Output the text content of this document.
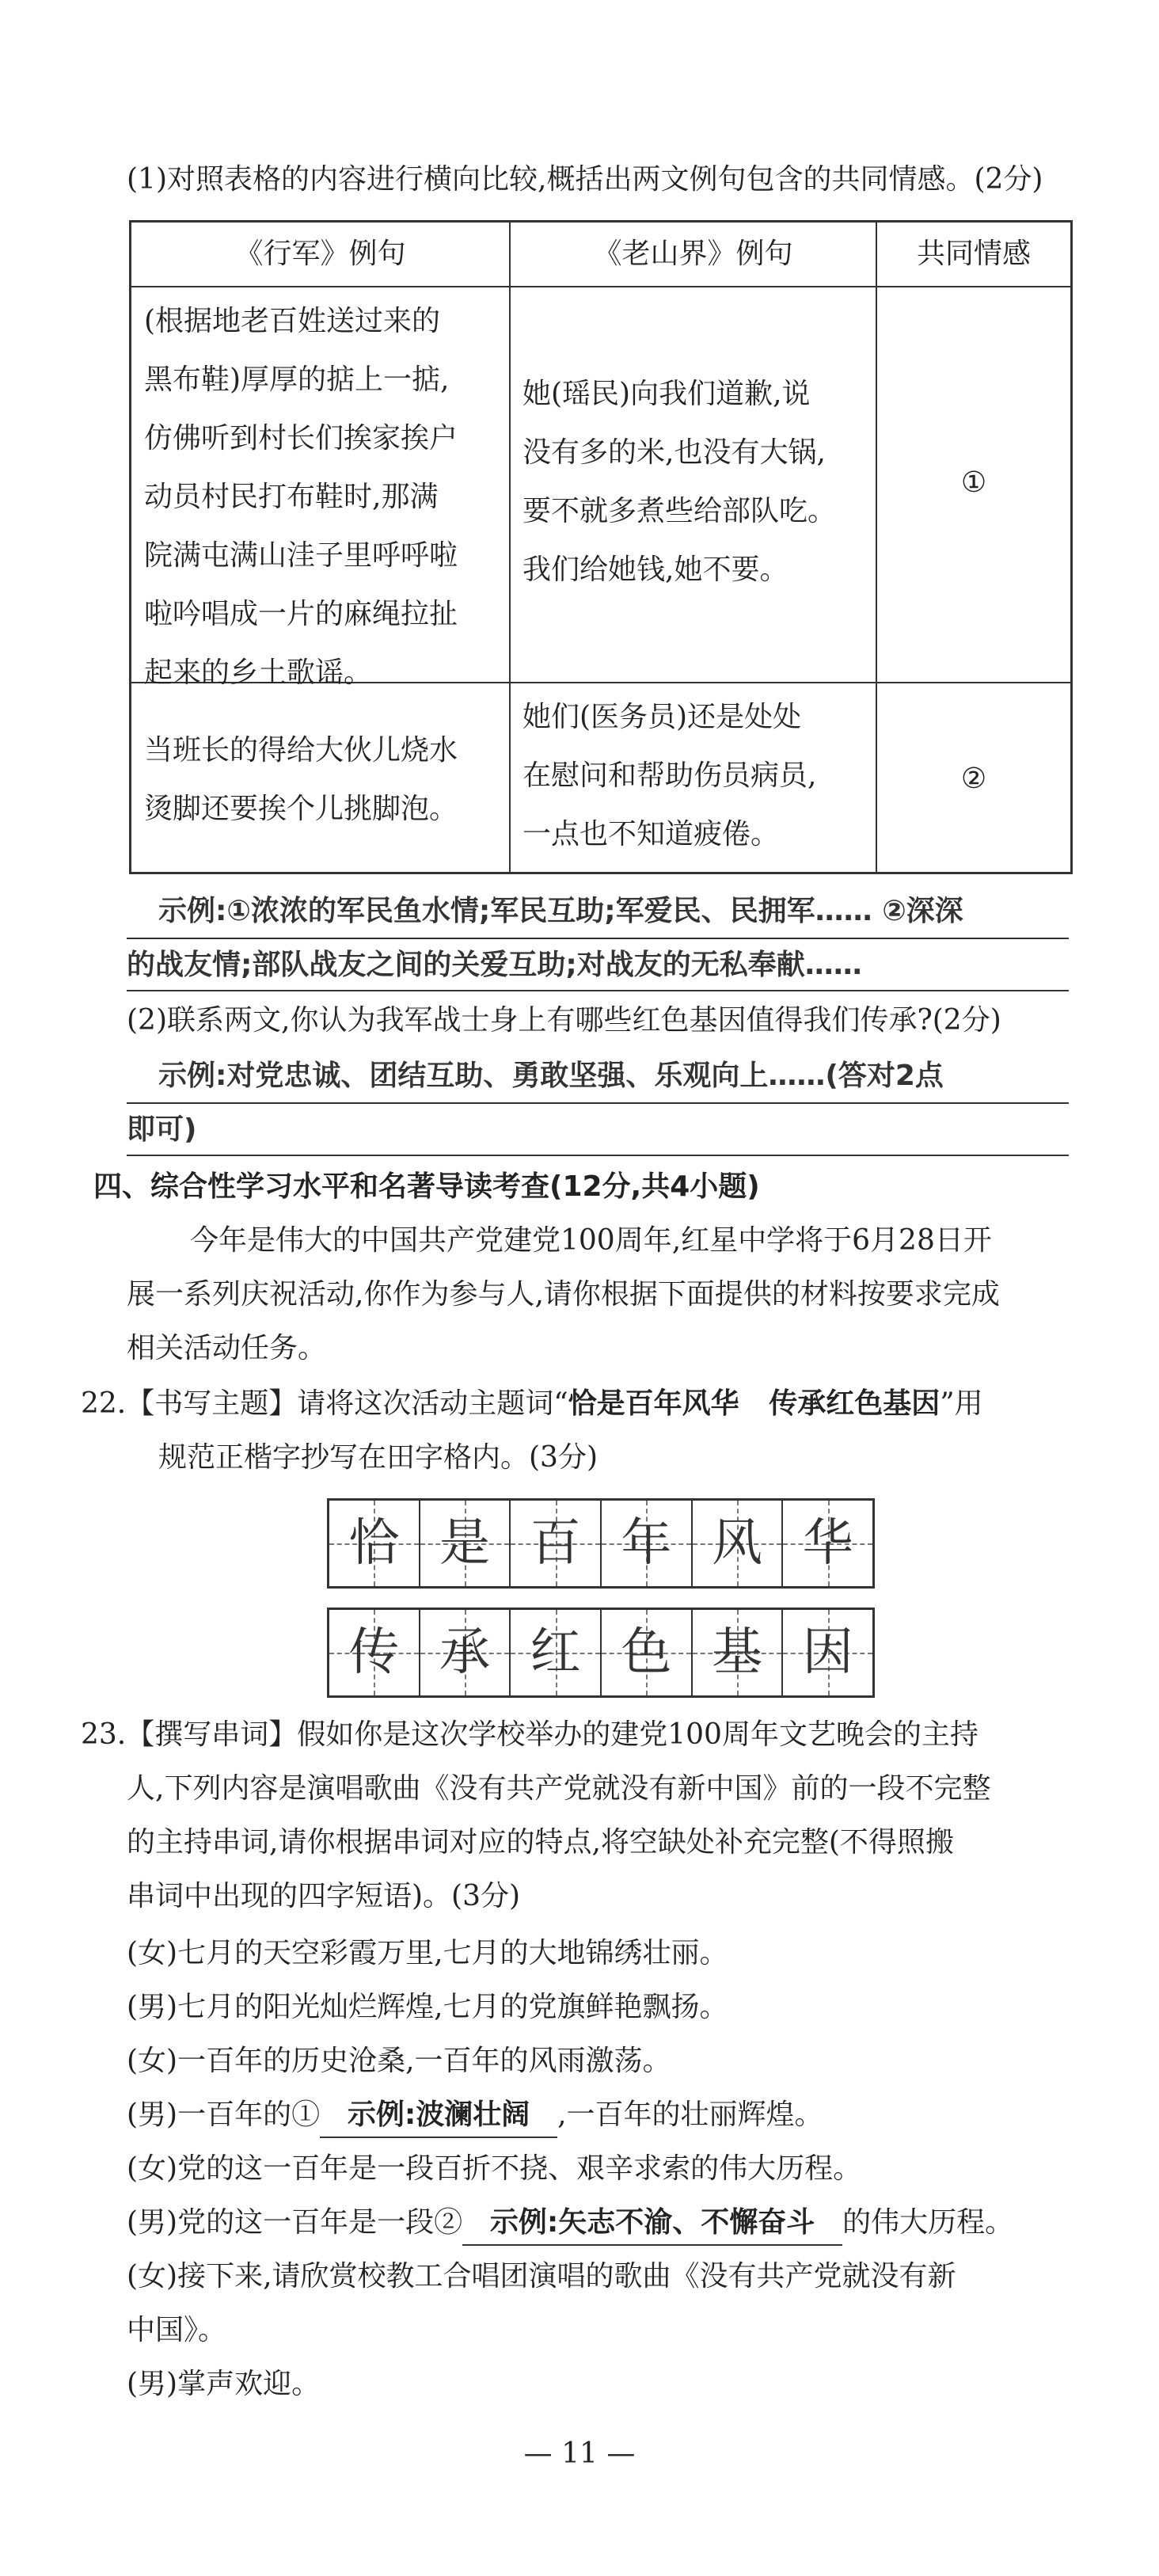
(1)对照表格的内容进行横向比较,概括出两文例句包含的共同情感。(2分)
《行军》例句	《老山界》例句	共同情感
(根据地老百姓送过来的
黑布鞋)厚厚的掂上一掂,
仿佛听到村长们挨家挨户
动员村民打布鞋时,那满
院满屯满山洼子里呼呼啦
啦吟唱成一片的麻绳拉扯
起来的乡土歌谣。
她(瑶民)向我们道歉,说
没有多的米,也没有大锅,
要不就多煮些给部队吃。
我们给她钱,她不要。
①
当班长的得给大伙儿烧水
烫脚还要挨个儿挑脚泡。
她们(医务员)还是处处
在慰问和帮助伤员病员,
一点也不知道疲倦。
②
示例:①浓浓的军民鱼水情;军民互助;军爱民、民拥军…… ②深深
的战友情;部队战友之间的关爱互助;对战友的无私奉献……
(2)联系两文,你认为我军战士身上有哪些红色基因值得我们传承?(2分)
示例:对党忠诚、团结互助、勇敢坚强、乐观向上……(答对2点
即可)
四、综合性学习水平和名著导读考查(12分,共4小题)
今年是伟大的中国共产党建党100周年,红星中学将于6月28日开
展一系列庆祝活动,你作为参与人,请你根据下面提供的材料按要求完成
相关活动任务。
22.【书写主题】请将这次活动主题词“恰是百年风华   传承红色基因”用
规范正楷字抄写在田字格内。(3分)
恰 是 百 年 风 华
传 承 红 色 基 因
23.【撰写串词】假如你是这次学校举办的建党100周年文艺晚会的主持
人,下列内容是演唱歌曲《没有共产党就没有新中国》前的一段不完整
的主持串词,请你根据串词对应的特点,将空缺处补充完整(不得照搬
串词中出现的四字短语)。(3分)
(女)七月的天空彩霞万里,七月的大地锦绣壮丽。
(男)七月的阳光灿烂辉煌,七月的党旗鲜艳飘扬。
(女)一百年的历史沧桑,一百年的风雨激荡。
(男)一百年的① 示例:波澜壮阔 ,一百年的壮丽辉煌。
(女)党的这一百年是一段百折不挠、艰辛求索的伟大历程。
(男)党的这一百年是一段② 示例:矢志不渝、不懈奋斗 的伟大历程。
(女)接下来,请欣赏校教工合唱团演唱的歌曲《没有共产党就没有新
中国》。
(男)掌声欢迎。
— 11 —
